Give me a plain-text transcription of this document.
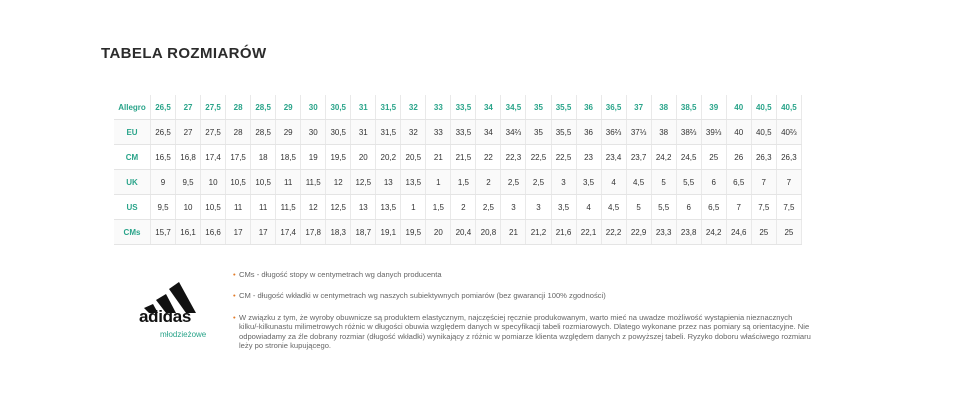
TABELA ROZMIARÓW
Allegro	26,5	27	27,5	28	28,5	29	30	30,5	31	31,5	32	33	33,5	34	34,5	35	35,5	36	36,5	37	38	38,5	39	40	40,5	40,5
EU	26,5	27	27,5	28	28,5	29	30	30,5	31	31,5	32	33	33,5	34	34⅔	35	35,5	36	36⅔	37⅓	38	38⅔	39⅓	40	40,5	40⅔
CM	16,5	16,8	17,4	17,5	18	18,5	19	19,5	20	20,2	20,5	21	21,5	22	22,3	22,5	22,5	23	23,4	23,7	24,2	24,5	25	26	26,3	26,3
UK	9	9,5	10	10,5	10,5	11	11,5	12	12,5	13	13,5	1	1,5	2	2,5	2,5	3	3,5	4	4,5	5	5,5	6	6,5	7	7
US	9,5	10	10,5	11	11	11,5	12	12,5	13	13,5	1	1,5	2	2,5	3	3	3,5	4	4,5	5	5,5	6	6,5	7	7,5	7,5
CMs	15,7	16,1	16,6	17	17	17,4	17,8	18,3	18,7	19,1	19,5	20	20,4	20,8	21	21,2	21,6	22,1	22,2	22,9	23,3	23,8	24,2	24,6	25	25
adidas
młodzieżowe
• CMs - długość stopy w centymetrach wg danych producenta
• CM - długość wkładki w centymetrach wg naszych subiektywnych pomiarów (bez gwarancji 100% zgodności)
• W związku z tym, że wyroby obuwnicze są produktem elastycznym, najczęściej ręcznie produkowanym, warto mieć na uwadze możliwość wystąpienia nieznacznych kilku/-kilkunastu milimetrowych różnic w długości obuwia względem danych w specyfikacji tabeli rozmiarowych. Dlatego wykonane przez nas pomiary są orientacyjne. Nie odpowiadamy za źle dobrany rozmiar (długość wkładki) wynikający z różnic w pomiarze klienta względem danych z powyższej tabeli. Ryzyko doboru właściwego rozmiaru leży po stronie kupującego.
